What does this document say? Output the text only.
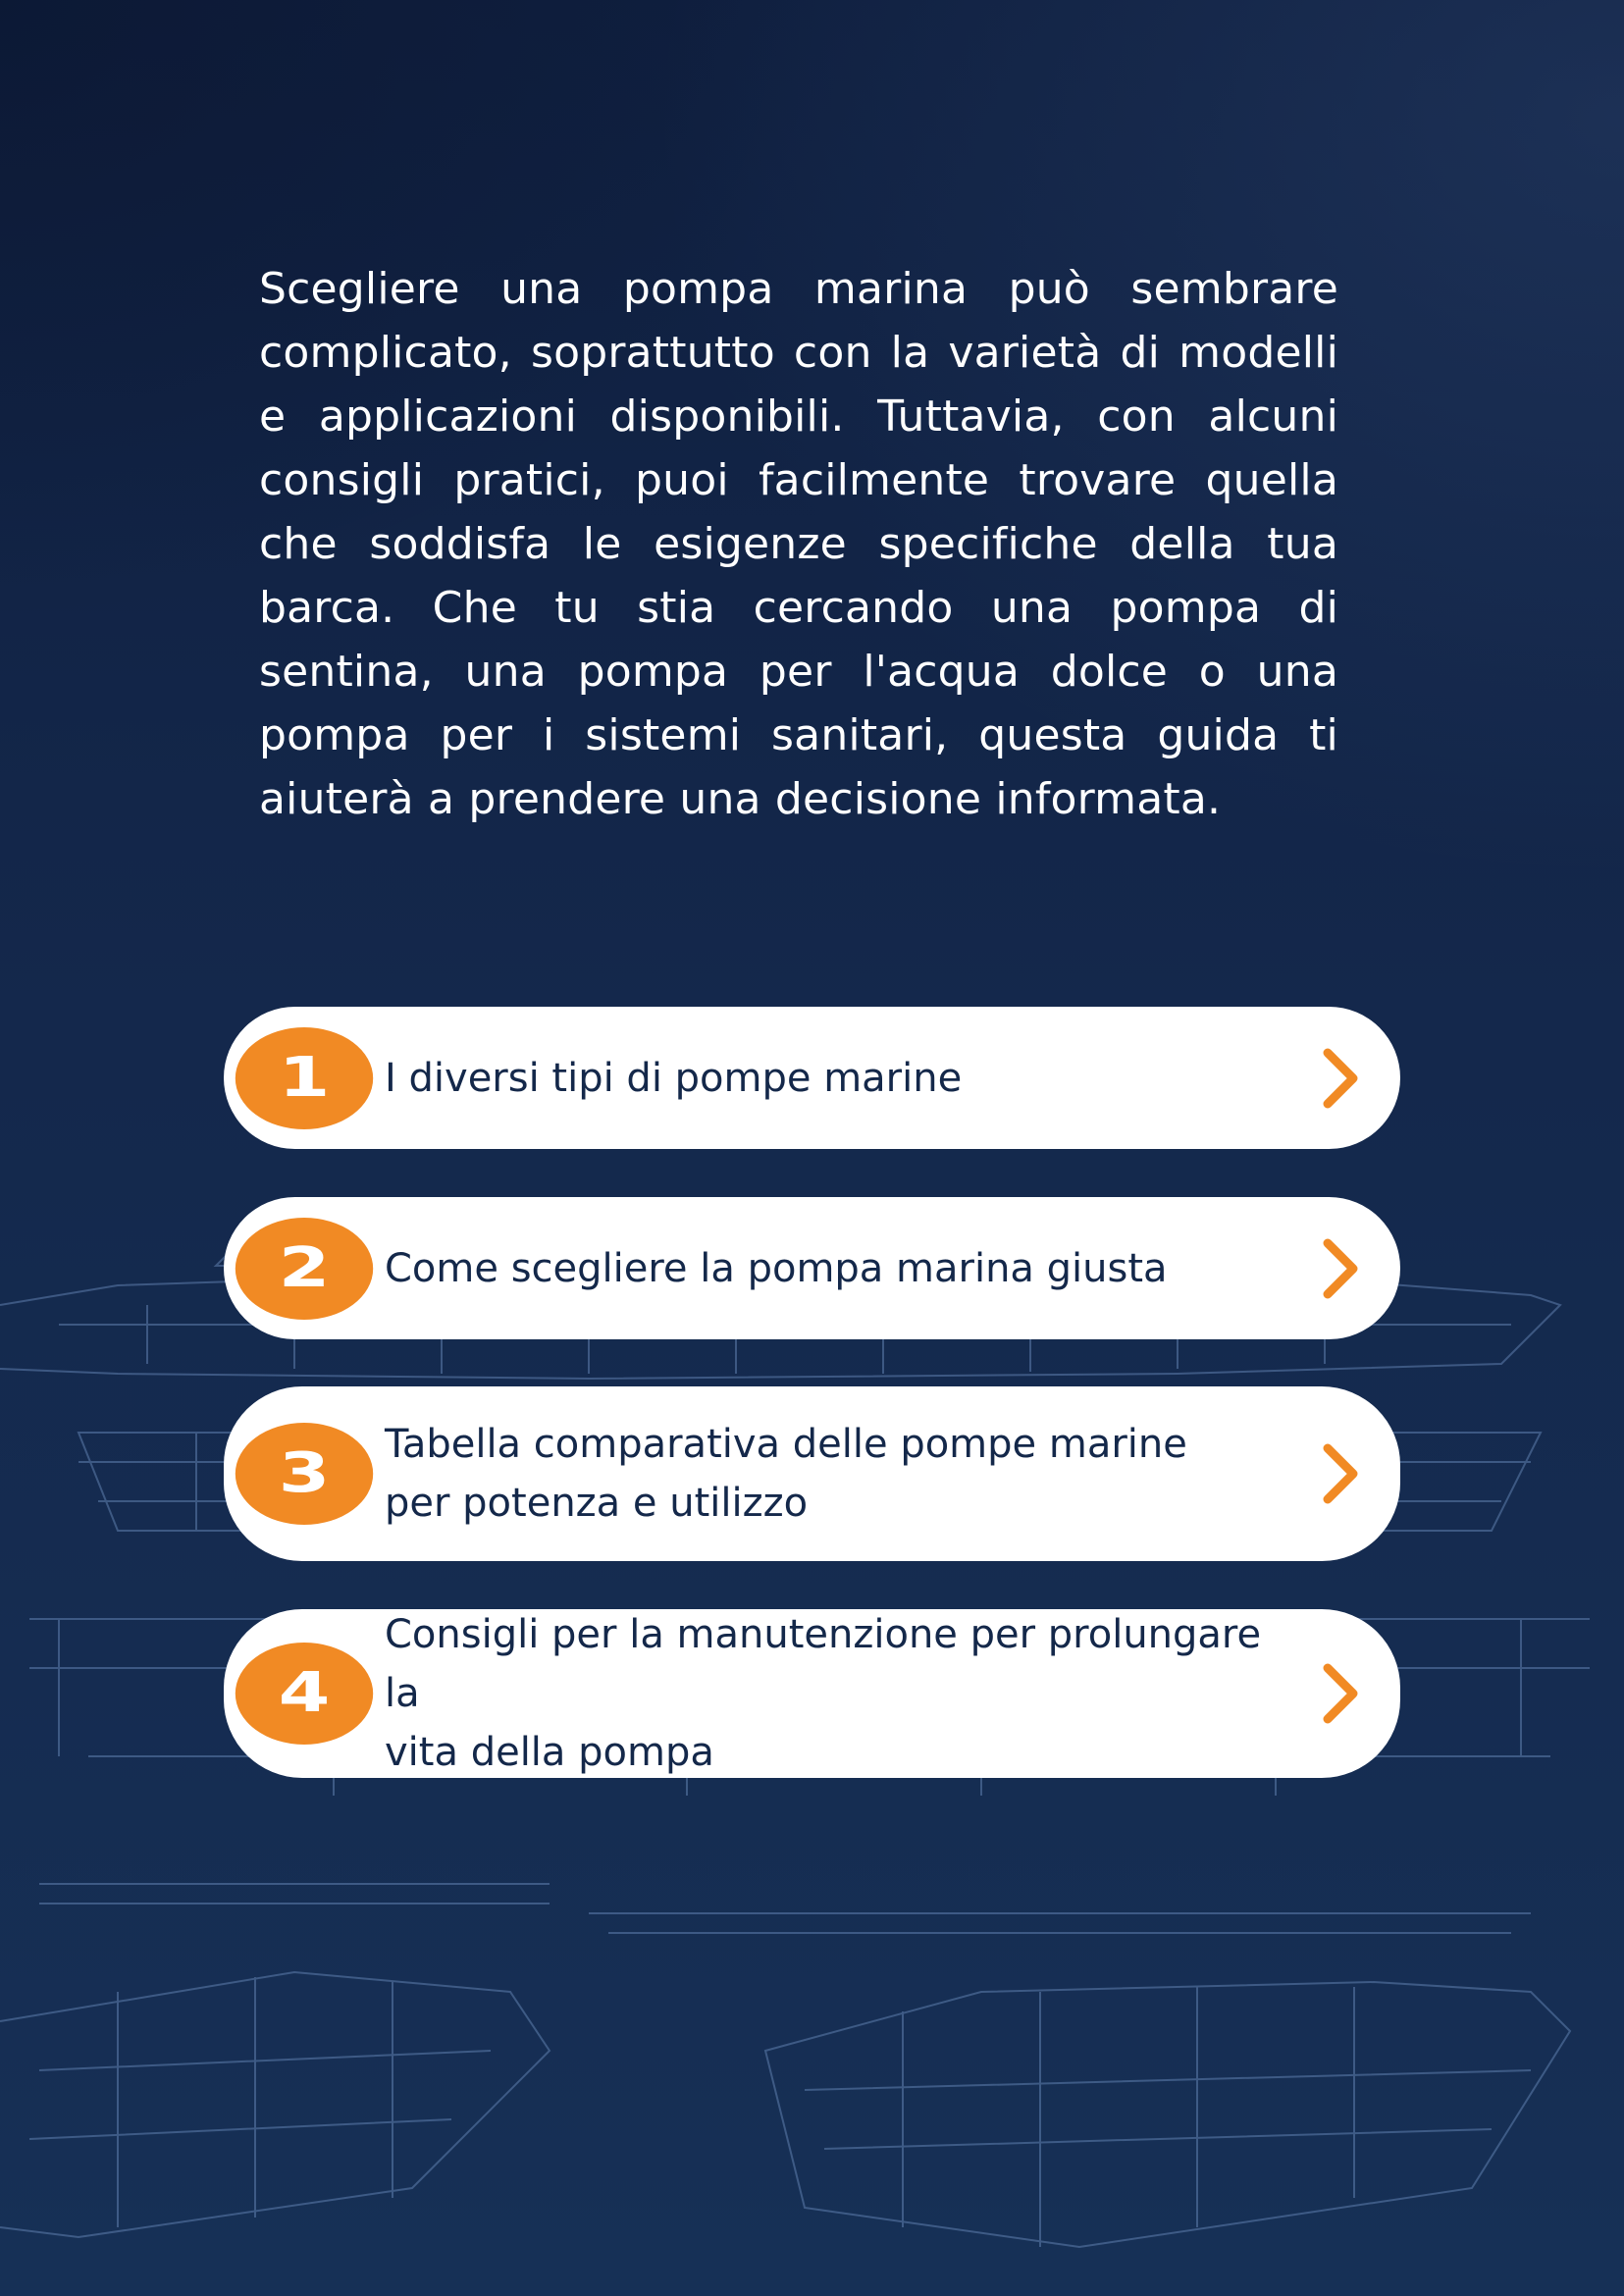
Scegliere una pompa marina può sembrare complicato, soprattutto con la varietà di modelli e applicazioni disponibili. Tuttavia, con alcuni consigli pratici, puoi facilmente trovare quella che soddisfa le esigenze specifiche della tua barca. Che tu stia cercando una pompa di sentina, una pompa per l'acqua dolce o una pompa per i sistemi sanitari, questa guida ti aiuterà a prendere una decisione informata.

1	I diversi tipi di pompe marine
2	Come scegliere la pompa marina giusta
3	Tabella comparativa delle pompe marine
per potenza e utilizzo
4
Consigli per la manutenzione per prolungare la
vita della pompa
